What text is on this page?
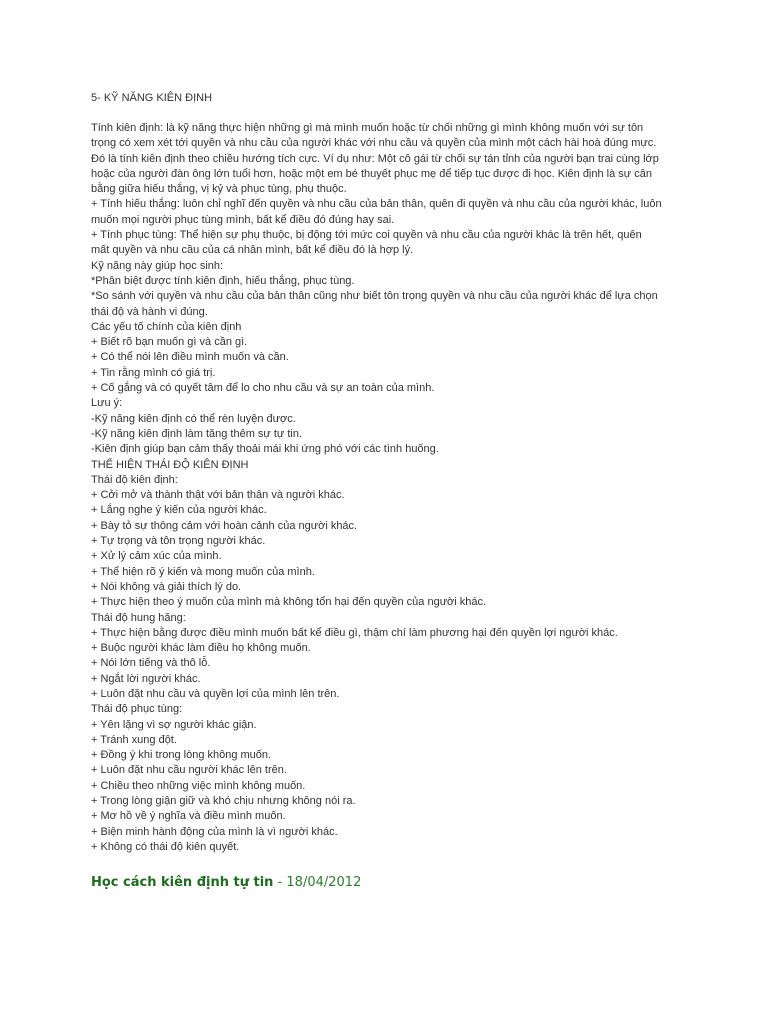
5- KỸ NĂNG KIÊN ĐỊNH

Tính kiên định: là kỹ năng thực hiện những gì mà mình muốn hoặc từ chối những gì mình không muốn với sự tôn
trọng có xem xét tới quyền và nhu cầu của người khác với nhu cầu và quyền của mình một cách hài hoà đúng mực.
Đó là tính kiên định theo chiều hướng tích cực. Ví dụ như: Một cô gái từ chối sự tán tỉnh của người bạn trai cùng lớp
hoặc của người đàn ông lớn tuổi hơn, hoặc một em bé thuyết phục mẹ để tiếp tục được đi học. Kiên định là sự cân
bằng giữa hiếu thắng, vị kỷ và phục tùng, phụ thuộc.
+ Tính hiếu thắng: luôn chỉ nghĩ đến quyền và nhu cầu của bản thân, quên đi quyền và nhu cầu của người khác, luôn
muốn mọi người phục tùng mình, bất kể điều đó đúng hay sai.
+ Tính phục tùng: Thể hiện sự phụ thuộc, bị động tới mức coi quyền và nhu cầu của người khác là trên hết, quên
mất quyền và nhu cầu của cá nhân mình, bất kể điều đó là hợp lý.
Kỹ năng này giúp học sinh:
*Phân biệt được tính kiên định, hiếu thắng, phục tùng.
*So sánh với quyền và nhu cầu của bản thân cũng như biết tôn trọng quyền và nhu cầu của người khác để lựa chọn
thái độ và hành vi đúng.
Các yếu tố chính của kiên định
+ Biết rõ bạn muốn gì và cần gì.
+ Có thể nói lên điều mình muốn và cần.
+ Tin rằng mình có giá trị.
+ Cố gắng và có quyết tâm để lo cho nhu cầu và sự an toàn của mình.
Lưu ý:
-Kỹ năng kiên định có thể rèn luyện được.
-Kỹ năng kiên định làm tăng thêm sự tự tin.
-Kiên định giúp bạn cảm thấy thoải mái khi ứng phó với các tình huống.
THỂ HIỆN THÁI ĐỘ KIÊN ĐỊNH
Thái độ kiên định:
+ Cởi mở và thành thật với bản thân và người khác.
+ Lắng nghe ý kiến của người khác.
+ Bày tỏ sự thông cảm với hoàn cảnh của người khác.
+ Tự trọng và tôn trọng người khác.
+ Xử lý cảm xúc của mình.
+ Thể hiện rõ ý kiến và mong muốn của mình.
+ Nói không và giải thích lý do.
+ Thực hiện theo ý muốn của mình mà không tổn hại đến quyền của người khác.
Thái độ hung hăng:
+ Thực hiện bằng được điều mình muốn bất kể điều gì, thậm chí làm phương hại đến quyền lợi người khác.
+ Buộc người khác làm điều họ không muốn.
+ Nói lớn tiếng và thô lỗ.
+ Ngắt lời người khác.
+ Luôn đặt nhu cầu và quyền lợi của mình lên trên.
Thái độ phục tùng:
+ Yên lặng vì sợ người khác giận.
+ Tránh xung đột.
+ Đồng ý khi trong lòng không muốn.
+ Luôn đặt nhu cầu người khác lên trên.
+ Chiều theo những việc mình không muốn.
+ Trong lòng giận giữ và khó chịu nhưng không nói ra.
+ Mơ hồ về ý nghĩa và điều mình muốn.
+ Biện minh hành động của mình là vì người khác.
+ Không có thái độ kiên quyết.
Học cách kiên định tự tin - 18/04/2012
